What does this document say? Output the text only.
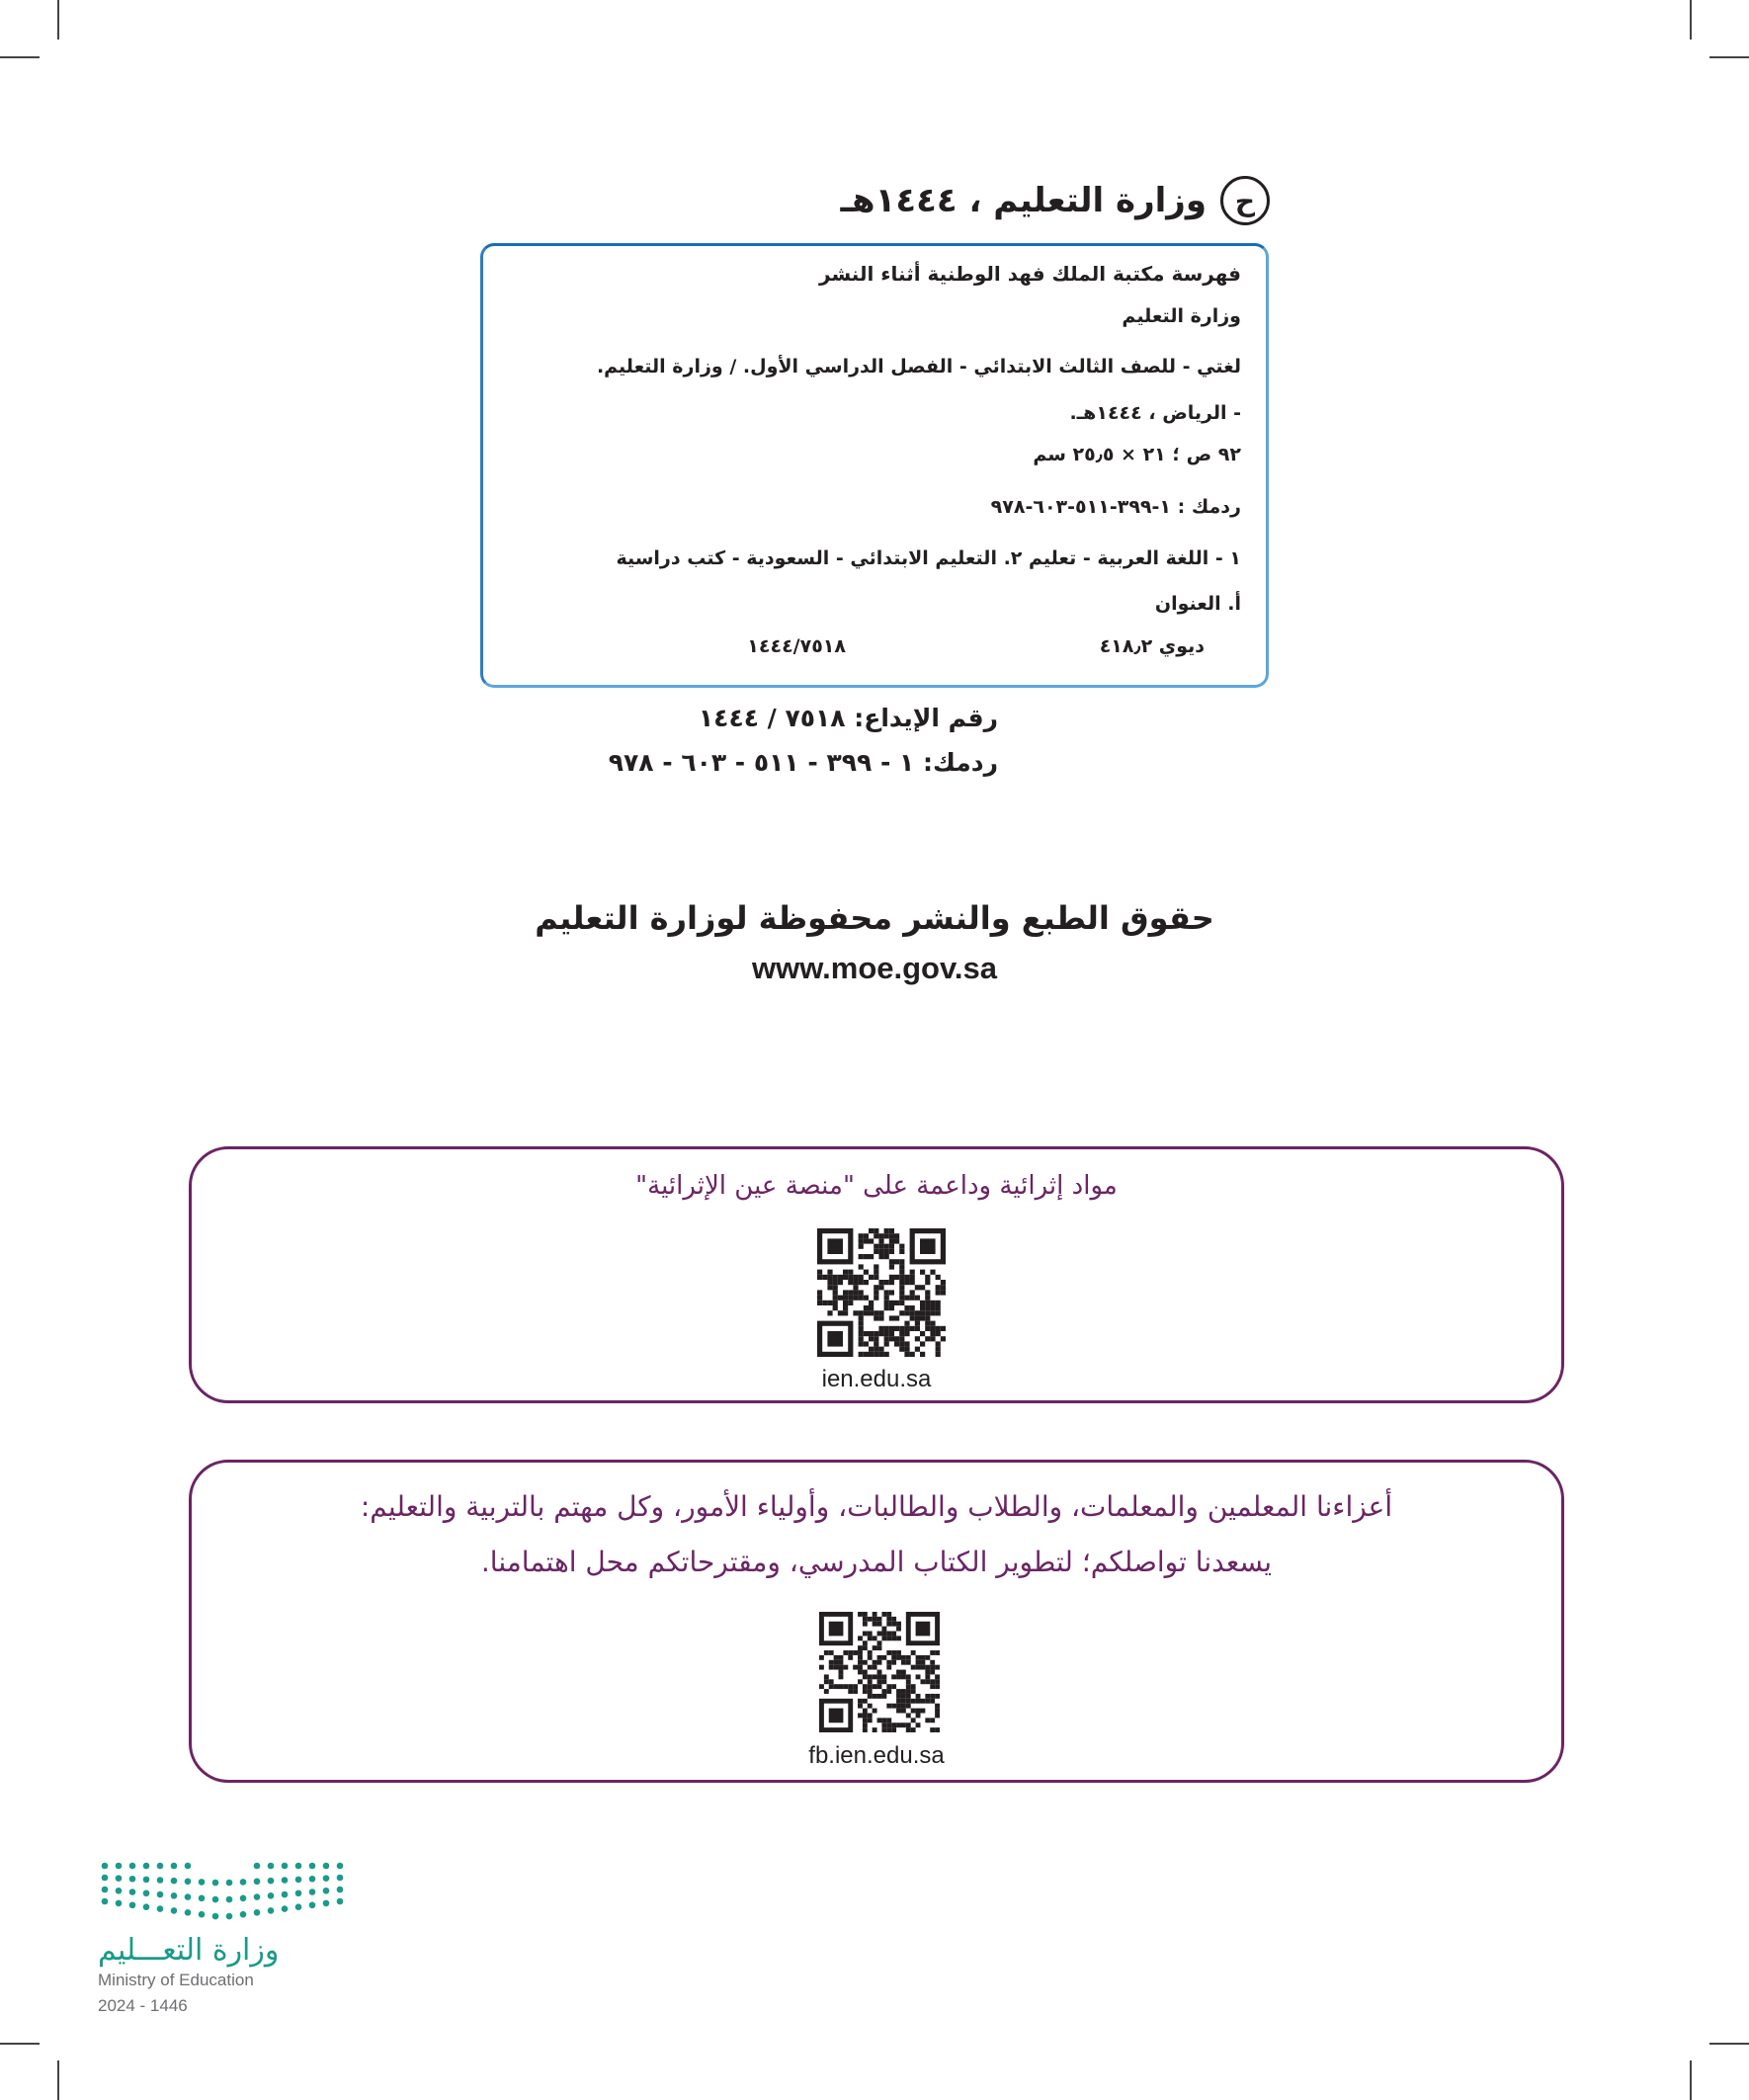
ح
وزارة التعليم ، ١٤٤٤هـ
فهرسة مكتبة الملك فهد الوطنية أثناء النشر
وزارة التعليم
لغتي - للصف الثالث الابتدائي - الفصل الدراسي الأول. / وزارة التعليم.
- الرياض ، ١٤٤٤هـ.
٩٢ ص ؛ ٢١ × ٢٥٫٥ سم
ردمك : ١-٣٩٩-٥١١-٦٠٣-٩٧٨
١ - اللغة العربية - تعليم ٢. التعليم الابتدائي - السعودية - كتب دراسية
أ. العنوان
ديوي ٤١٨٫٢
١٤٤٤/٧٥١٨
رقم الإيداع: ٧٥١٨ / ١٤٤٤
ردمك: ١ - ٣٩٩ - ٥١١ - ٦٠٣ - ٩٧٨
حقوق الطبع والنشر محفوظة لوزارة التعليم
www.moe.gov.sa
مواد إثرائية وداعمة على "منصة عين الإثرائية"
ien.edu.sa
أعزاءنا المعلمين والمعلمات، والطلاب والطالبات، وأولياء الأمور، وكل مهتم بالتربية والتعليم:
يسعدنا تواصلكم؛ لتطوير الكتاب المدرسي، ومقترحاتكم محل اهتمامنا.
fb.ien.edu.sa
وزارة التعـــليم
Ministry of Education
2024 - 1446
